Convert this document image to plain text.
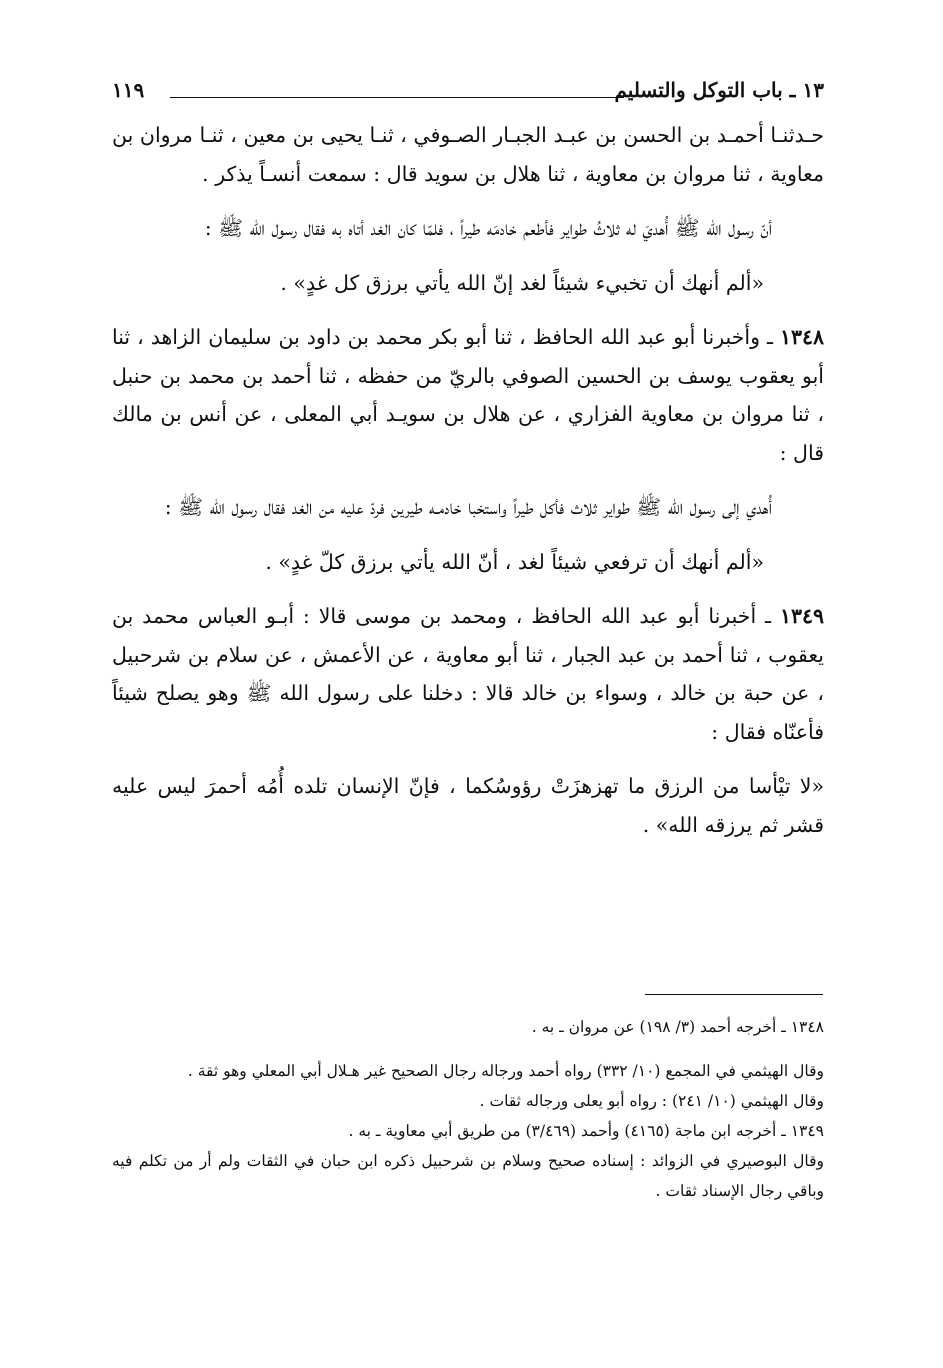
١٣ ـ باب التوكل والتسليم
١١٩

حـدثنـا أحمـد بن الحسن بن عبـد الجبـار الصـوفي ، ثنـا يحيى بن معين ، ثنـا مروان بن معاوية ، ثنا مروان بن معاوية ، ثنا هلال بن سويد قال : سمعت أنسـاً يذكر .

أنّ رسول الله ﷺ أُهديَ له ثلاثُ طواير فأطعم خادمَه طيراً ، فلمّا كان الغد أتاه به فقال رسول الله ﷺ :

«ألم أنهك أن تخبيء شيئاً لغد إنّ الله يأتي برزق كل غدٍ» .

١٣٤٨ ـ وأخبرنا أبو عبد الله الحافظ ، ثنا أبو بكر محمد بن داود بن سليمان الزاهد ، ثنا أبو يعقوب يوسف بن الحسين الصوفي بالريّ من حفظه ، ثنا أحمد بن محمد بن حنبل ، ثنا مروان بن معاوية الفزاري ، عن هلال بن سويـد أبي المعلى ، عن أنس بن مالك قال :

أُهدي إلى رسول الله ﷺ طواير ثلاث فأكل طيراً واستخبا خادمـه طيرين فردّ عليه من الغد فقال رسول الله ﷺ :

«ألم أنهك أن ترفعي شيئاً لغد ، أنّ الله يأتي برزق كلّ غدٍ» .

١٣٤٩ ـ أخبرنا أبو عبد الله الحافظ ، ومحمد بن موسى قالا : أبـو العباس محمد بن يعقوب ، ثنا أحمد بن عبد الجبار ، ثنا أبو معاوية ، عن الأعمش ، عن سلام بن شرحبيل ، عن حبة بن خالد ، وسواء بن خالد قالا : دخلنا على رسول الله ﷺ وهو يصلح شيئاً فأعنّاه فقال :

«لا تيْأسا من الرزق ما تهزهزَتْ رؤوسُكما ، فإنّ الإنسان تلده أُمُه أحمرَ ليس عليه قشر ثم يرزقه الله» .

١٣٤٨ ـ أخرجه أحمد (٣/ ١٩٨) عن مروان ـ به .

وقال الهيثمي في المجمع (١٠/ ٣٣٢) رواه أحمد ورجاله رجال الصحيح غير هـلال أبي المعلي وهو ثقة .

وقال الهيثمي (١٠/ ٢٤١) : رواه أبو يعلى ورجاله ثقات .

١٣٤٩ ـ أخرجه ابن ماجة (٤١٦٥) وأحمد (٣/٤٦٩) من طريق أبي معاوية ـ به .

وقال البوصيري في الزوائد : إسناده صحيح وسلام بن شرحبيل ذكره ابن حبان في الثقات ولم أر من تكلم فيه وباقي رجال الإسناد ثقات .
